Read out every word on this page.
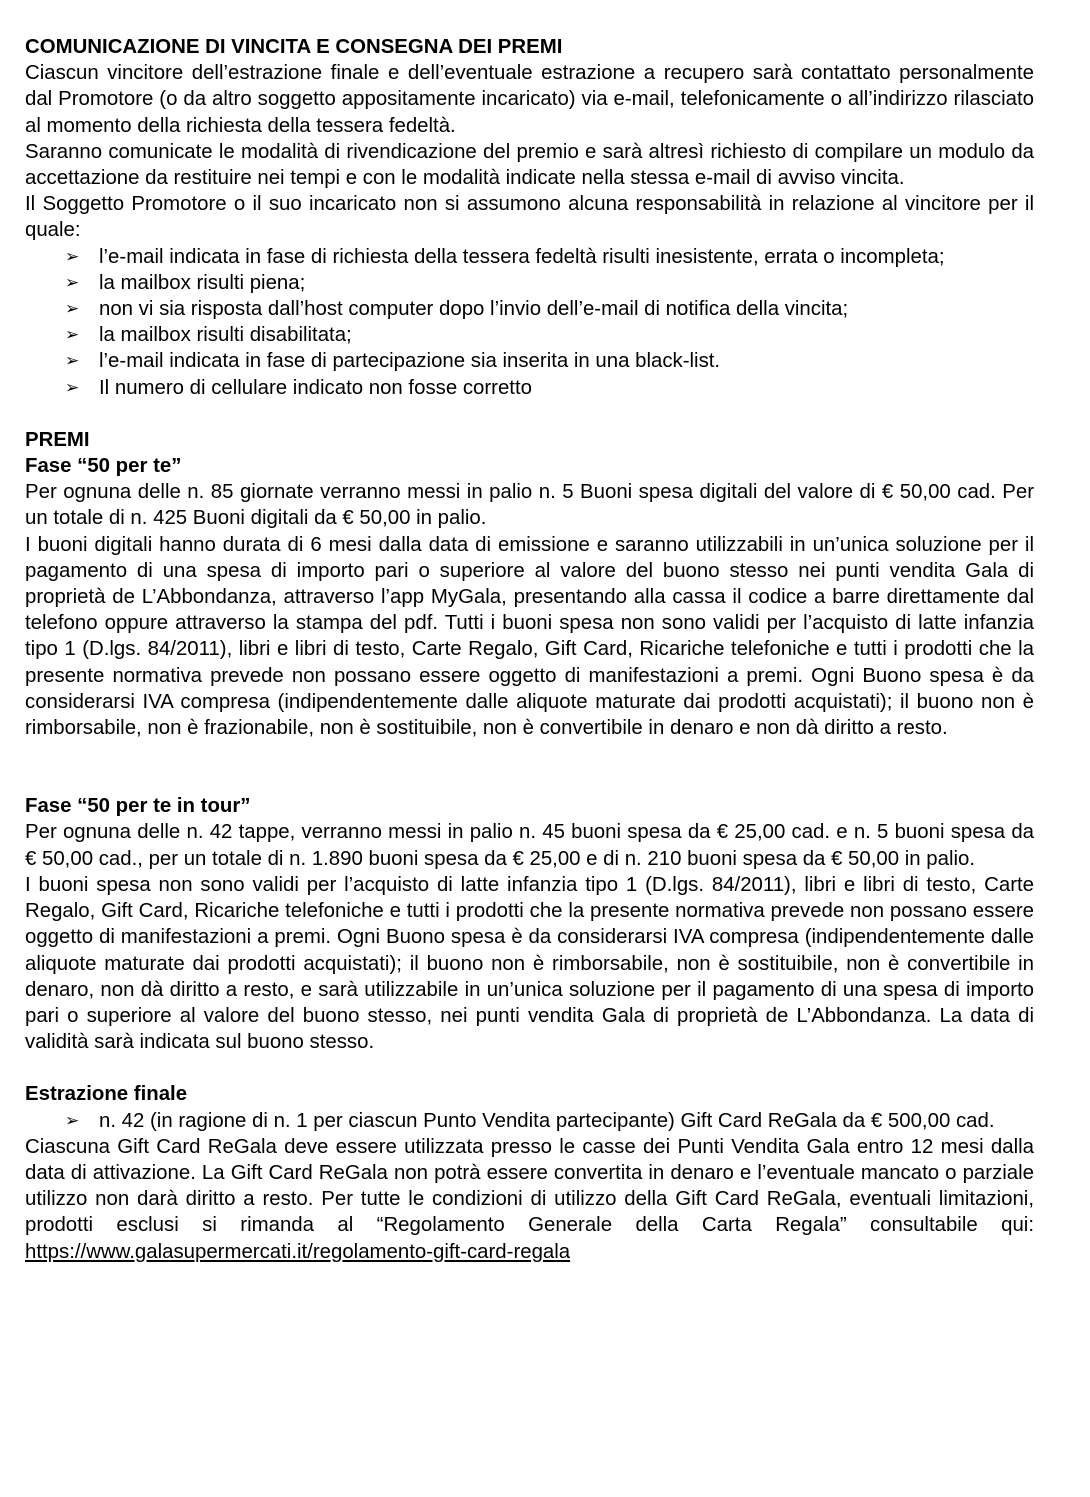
COMUNICAZIONE DI VINCITA E CONSEGNA DEI PREMI

Ciascun vincitore dell’estrazione finale e dell’eventuale estrazione a recupero sarà contattato personalmente dal Promotore (o da altro soggetto appositamente incaricato) via e-mail, telefonicamente o all’indirizzo rilasciato al momento della richiesta della tessera fedeltà.

Saranno comunicate le modalità di rivendicazione del premio e sarà altresì richiesto di compilare un modulo da accettazione da restituire nei tempi e con le modalità indicate nella stessa e-mail di avviso vincita.

Il Soggetto Promotore o il suo incaricato non si assumono alcuna responsabilità in relazione al vincitore per il quale:

➢ l’e-mail indicata in fase di richiesta della tessera fedeltà risulti inesistente, errata o incompleta;
➢ la mailbox risulti piena;
➢ non vi sia risposta dall’host computer dopo l’invio dell’e-mail di notifica della vincita;
➢ la mailbox risulti disabilitata;
➢ l’e-mail indicata in fase di partecipazione sia inserita in una black-list.
➢ Il numero di cellulare indicato non fosse corretto

PREMI

Fase “50 per te”

Per ognuna delle n. 85 giornate verranno messi in palio n. 5 Buoni spesa digitali del valore di € 50,00 cad. Per un totale di n. 425 Buoni digitali da € 50,00 in palio.

I buoni digitali hanno durata di 6 mesi dalla data di emissione e saranno utilizzabili in un’unica soluzione per il pagamento di una spesa di importo pari o superiore al valore del buono stesso nei punti vendita Gala di proprietà de L’Abbondanza, attraverso l’app MyGala, presentando alla cassa il codice a barre direttamente dal telefono oppure attraverso la stampa del pdf. Tutti i buoni spesa non sono validi per l’acquisto di latte infanzia tipo 1 (D.lgs. 84/2011), libri e libri di testo, Carte Regalo, Gift Card, Ricariche telefoniche e tutti i prodotti che la presente normativa prevede non possano essere oggetto di manifestazioni a premi. Ogni Buono spesa è da considerarsi IVA compresa (indipendentemente dalle aliquote maturate dai prodotti acquistati); il buono non è rimborsabile, non è frazionabile, non è sostituibile, non è convertibile in denaro e non dà diritto a resto.

Fase “50 per te in tour”

Per ognuna delle n. 42 tappe, verranno messi in palio n. 45 buoni spesa da € 25,00 cad. e n. 5 buoni spesa da € 50,00 cad., per un totale di n. 1.890 buoni spesa da € 25,00 e di n. 210 buoni spesa da € 50,00 in palio.

I buoni spesa non sono validi per l’acquisto di latte infanzia tipo 1 (D.lgs. 84/2011), libri e libri di testo, Carte Regalo, Gift Card, Ricariche telefoniche e tutti i prodotti che la presente normativa prevede non possano essere oggetto di manifestazioni a premi. Ogni Buono spesa è da considerarsi IVA compresa (indipendentemente dalle aliquote maturate dai prodotti acquistati); il buono non è rimborsabile, non è sostituibile, non è convertibile in denaro, non dà diritto a resto, e sarà utilizzabile in un’unica soluzione per il pagamento di una spesa di importo pari o superiore al valore del buono stesso, nei punti vendita Gala di proprietà de L’Abbondanza. La data di validità sarà indicata sul buono stesso.

Estrazione finale

➢ n. 42 (in ragione di n. 1 per ciascun Punto Vendita partecipante) Gift Card ReGala da € 500,00 cad.

Ciascuna Gift Card ReGala deve essere utilizzata presso le casse dei Punti Vendita Gala entro 12 mesi dalla data di attivazione. La Gift Card ReGala non potrà essere convertita in denaro e l’eventuale mancato o parziale utilizzo non darà diritto a resto. Per tutte le condizioni di utilizzo della Gift Card ReGala, eventuali limitazioni, prodotti esclusi si rimanda al “Regolamento Generale della Carta Regala” consultabile qui: https://www.galasupermercati.it/regolamento-gift-card-regala
